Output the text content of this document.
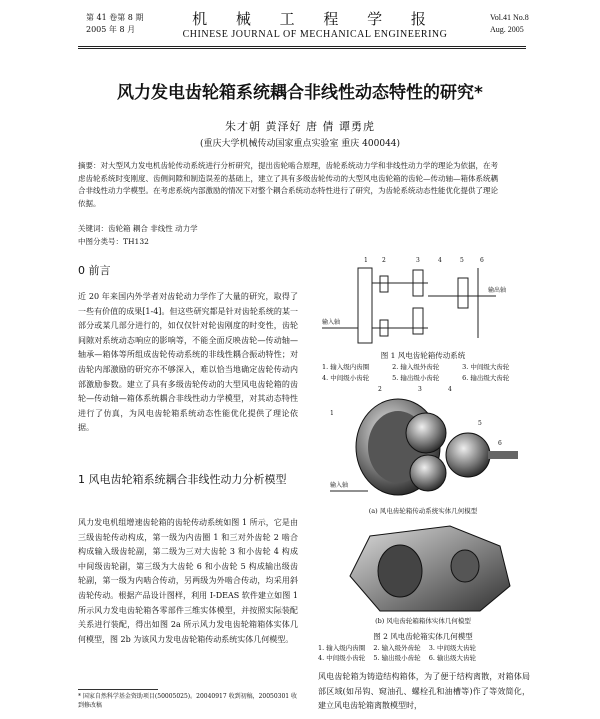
第 41 卷第 8 期
2005 年 8 月
机 械 工 程 学 报
CHINESE JOURNAL OF MECHANICAL ENGINEERING
Vol.41 No.8
Aug. 2005
风力发电齿轮箱系统耦合非线性动态特性的研究*
朱才朝 黄泽好 唐 倩 谭勇虎
(重庆大学机械传动国家重点实验室 重庆 400044)
摘要：对大型风力发电机齿轮传动系统进行分析研究，提出齿轮啮合原理，齿轮系统动力学和非线性动力学的理论为依据，在考虑齿轮系统时变刚度、齿侧间隙和制造误差的基础上，建立了具有多级齿轮传动的大型风电齿轮箱的齿轮—传动轴—箱体系统耦合非线性动力学模型。在考虑系统内部激励的情况下对整个耦合系统动态特性进行了研究，为齿轮系统动态性能优化提供了理论依据。
关键词：齿轮箱 耦合 非线性 动力学
中图分类号：TH132
0 前言
近 20 年来国内外学者对齿轮动力学作了大量的研究，取得了一些有价值的成果[1-4]。但这些研究都是针对齿轮系统的某一部分或某几部分进行的，如仅仅针对轮齿刚度的时变性，齿轮间隙对系统动态响应的影响等，不能全面反映齿轮—传动轴—轴承—箱体等所组成齿轮传动系统的非线性耦合振动特性；对齿轮内部激励的研究亦不够深入，难以恰当地确定齿轮传动内部激励参数。建立了具有多级齿轮传动的大型风电齿轮箱的齿轮—传动轴—箱体系统耦合非线性动力学模型，对其动态特性进行了仿真，为风电齿轮箱系统动态性能优化提供了理论依据。
1 风电齿轮箱系统耦合非线性动力分析模型
风力发电机组增速齿轮箱的齿轮传动系统如图 1 所示，它是由三级齿轮传动构成，第一级为内齿圈 1 和三对外齿轮 2 啮合构成输入级齿轮副，第二级为三对大齿轮 3 和小齿轮 4 构成中间级齿轮副，第三级为大齿轮 6 和小齿轮 5 构成输出级齿轮副，第一级为内啮合传动，另两级为外啮合传动，均采用斜齿轮传动。根据产品设计图样，利用 I-DEAS 软件建立如图 1 所示风力发电齿轮箱各零部件三维实体模型，并按照实际装配关系进行装配，得出如图 2a 所示风力发电齿轮箱箱体实体几何模型，图 2b 为该风力发电齿轮箱传动系统实体几何模型。
* 国家自然科学基金资助项目(50005025)。20040917 收到初稿，20050301 收到修改稿
输入轴
输出轴
1 2	3	4	5	6
图 1 风电齿轮箱传动系统
1. 输入级内齿圈	2. 输入级外齿轮	3. 中间级大齿轮 4. 中间级小齿轮	5. 输出级小齿轮	6. 输出级大齿轮
输入轴
1
2	3	4
5
6
(a) 风电齿轮箱传动系统实体几何模型
(b) 风电齿轮箱箱体实体几何模型
图 2 风电齿轮箱实体几何模型
1. 输入级内齿圈 2. 输入级外齿轮 3. 中间级大齿轮 4. 中间级小齿轮 5. 输出级小齿轮 6. 输出级大齿轮
风电齿轮箱为铸造结构箱体，为了便于结构离散，对箱体局部区域(如吊钩、窥油孔、螺栓孔和油槽等)作了等效简化，建立风电齿轮箱离散模型时，
